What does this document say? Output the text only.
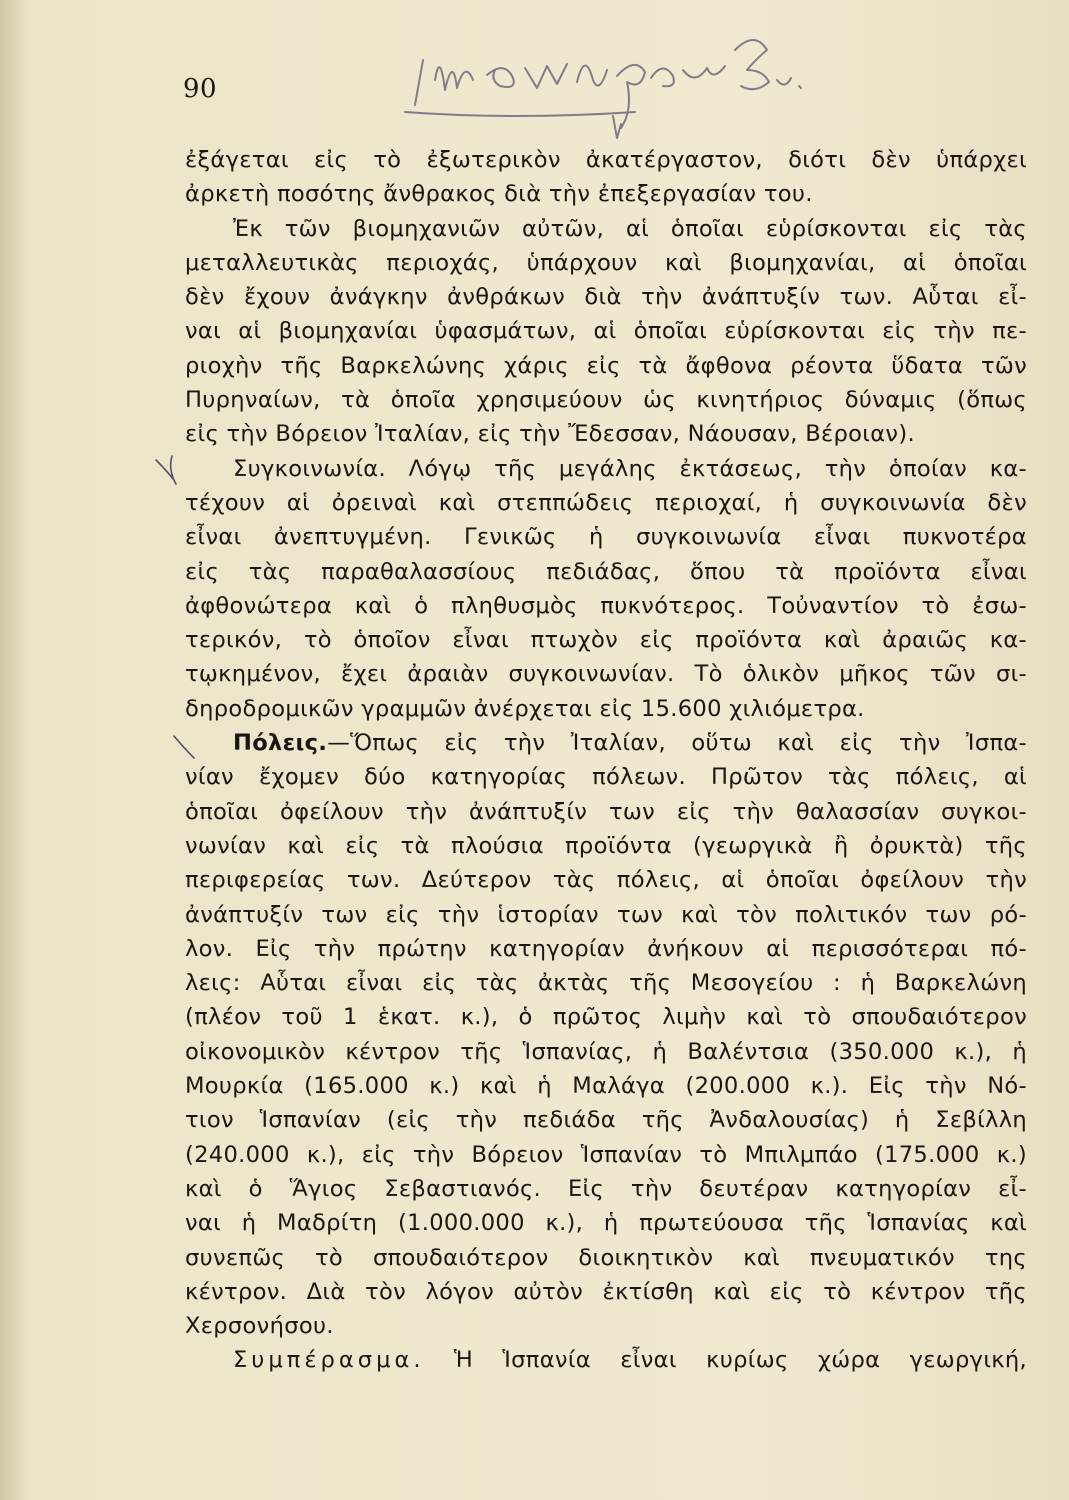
90
ἐξάγεται εἰς τὸ ἐξωτερικὸν ἀκατέργαστον, διότι δὲν ὑπάρχει
ἀρκετὴ ποσότης ἄνθρακος διὰ τὴν ἐπεξεργασίαν του.
Ἐκ τῶν βιομηχανιῶν αὐτῶν, αἱ ὁποῖαι εὑρίσκονται εἰς τὰς
μεταλλευτικὰς περιοχάς, ὑπάρχουν καὶ βιομηχανίαι, αἱ ὁποῖαι
δὲν ἔχουν ἀνάγκην ἀνθράκων διὰ τὴν ἀνάπτυξίν των. Αὗται εἶ-
ναι αἱ βιομηχανίαι ὑφασμάτων, αἱ ὁποῖαι εὑρίσκονται εἰς τὴν πε-
ριοχὴν τῆς Βαρκελώνης χάρις εἰς τὰ ἄφθονα ρέοντα ὕδατα τῶν
Πυρηναίων, τὰ ὁποῖα χρησιμεύουν ὡς κινητήριος δύναμις (ὅπως
εἰς τὴν Βόρειον Ἰταλίαν, εἰς τὴν Ἔδεσσαν, Νάουσαν, Βέροιαν).
Συγκοινωνία. Λόγῳ τῆς μεγάλης ἐκτάσεως, τὴν ὁποίαν κα-
τέχουν αἱ ὀρειναὶ καὶ στεππώδεις περιοχαί, ἡ συγκοινωνία δὲν
εἶναι ἀνεπτυγμένη. Γενικῶς ἡ συγκοινωνία εἶναι πυκνοτέρα
εἰς τὰς παραθαλασσίους πεδιάδας, ὅπου τὰ προϊόντα εἶναι
ἀφθονώτερα καὶ ὁ πληθυσμὸς πυκνότερος. Τοὐναντίον τὸ ἐσω-
τερικόν, τὸ ὁποῖον εἶναι πτωχὸν εἰς προϊόντα καὶ ἀραιῶς κα-
τῳκημένον, ἔχει ἀραιὰν συγκοινωνίαν. Τὸ ὁλικὸν μῆκος τῶν σι-
δηροδρομικῶν γραμμῶν ἀνέρχεται εἰς 15.600 χιλιόμετρα.
Πόλεις.—Ὅπως εἰς τὴν Ἰταλίαν, οὕτω καὶ εἰς τὴν Ἰσπα-
νίαν ἔχομεν δύο κατηγορίας πόλεων. Πρῶτον τὰς πόλεις, αἱ
ὁποῖαι ὀφείλουν τὴν ἀνάπτυξίν των εἰς τὴν θαλασσίαν συγκοι-
νωνίαν καὶ εἰς τὰ πλούσια προϊόντα (γεωργικὰ ἢ ὀρυκτὰ) τῆς
περιφερείας των. Δεύτερον τὰς πόλεις, αἱ ὁποῖαι ὀφείλουν τὴν
ἀνάπτυξίν των εἰς τὴν ἱστορίαν των καὶ τὸν πολιτικόν των ρό-
λον. Εἰς τὴν πρώτην κατηγορίαν ἀνήκουν αἱ περισσότεραι πό-
λεις: Αὗται εἶναι εἰς τὰς ἀκτὰς τῆς Μεσογείου : ἡ Βαρκελώνη
(πλέον τοῦ 1 ἑκατ. κ.), ὁ πρῶτος λιμὴν καὶ τὸ σπουδαιότερον
οἰκονομικὸν κέντρον τῆς Ἱσπανίας, ἡ Βαλέντσια (350.000 κ.), ἡ
Μουρκία (165.000 κ.) καὶ ἡ Μαλάγα (200.000 κ.). Εἰς τὴν Νό-
τιον Ἱσπανίαν (εἰς τὴν πεδιάδα τῆς Ἀνδαλουσίας) ἡ Σεβίλλη
(240.000 κ.), εἰς τὴν Βόρειον Ἱσπανίαν τὸ Μπιλμπάο (175.000 κ.)
καὶ ὁ Ἅγιος Σεβαστιανός. Εἰς τὴν δευτέραν κατηγορίαν εἶ-
ναι ἡ Μαδρίτη (1.000.000 κ.), ἡ πρωτεύουσα τῆς Ἱσπανίας καὶ
συνεπῶς τὸ σπουδαιότερον διοικητικὸν καὶ πνευματικόν της
κέντρον. Διὰ τὸν λόγον αὐτὸν ἐκτίσθη καὶ εἰς τὸ κέντρον τῆς
Χερσονήσου.
Συμπέρασμα. Ἡ Ἱσπανία εἶναι κυρίως χώρα γεωργική,
